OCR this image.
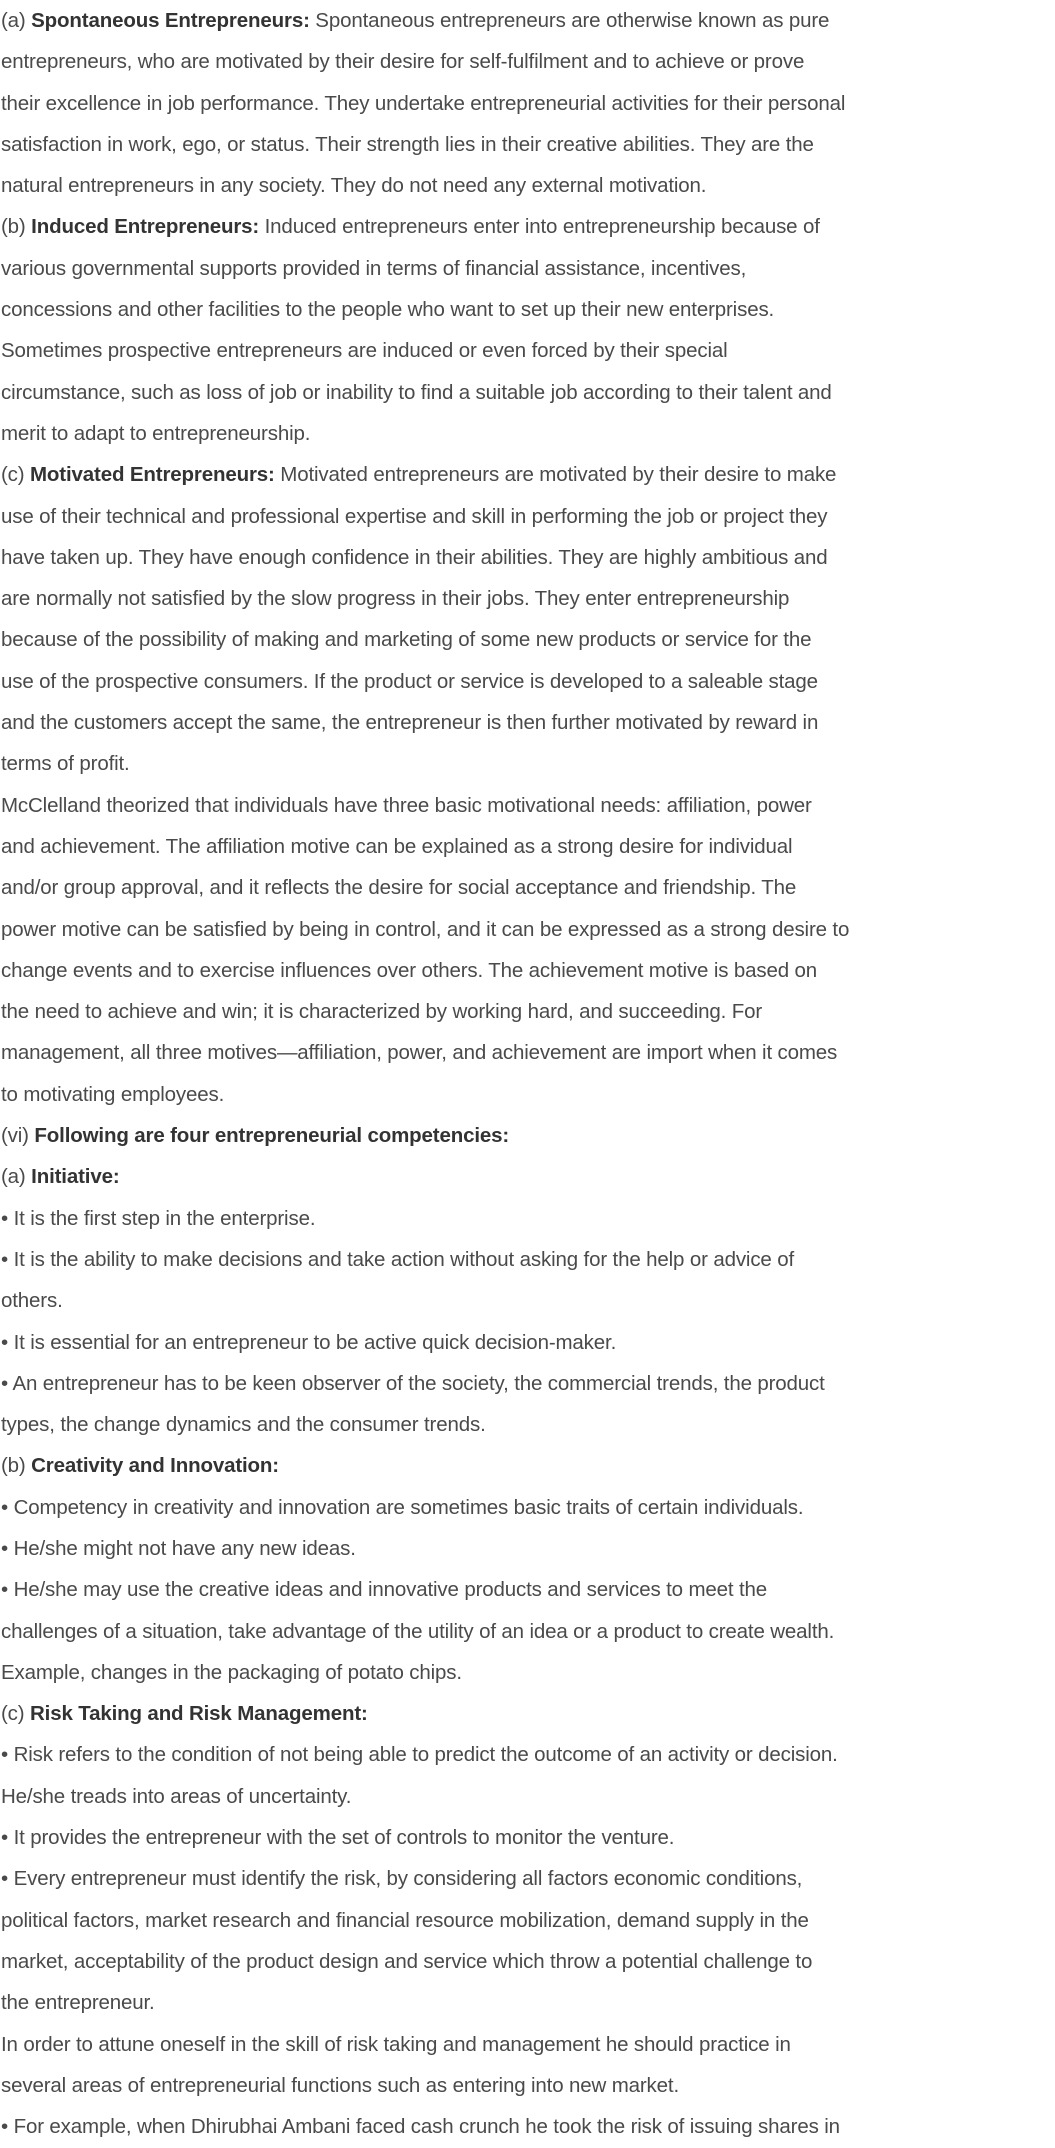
(a) Spontaneous Entrepreneurs: Spontaneous entrepreneurs are otherwise known as pure
entrepreneurs, who are motivated by their desire for self-fulfilment and to achieve or prove
their excellence in job performance. They undertake entrepreneurial activities for their personal
satisfaction in work, ego, or status. Their strength lies in their creative abilities. They are the
natural entrepreneurs in any society. They do not need any external motivation.
(b) Induced Entrepreneurs: Induced entrepreneurs enter into entrepreneurship because of
various governmental supports provided in terms of financial assistance, incentives,
concessions and other facilities to the people who want to set up their new enterprises.
Sometimes prospective entrepreneurs are induced or even forced by their special
circumstance, such as loss of job or inability to find a suitable job according to their talent and
merit to adapt to entrepreneurship.
(c) Motivated Entrepreneurs: Motivated entrepreneurs are motivated by their desire to make
use of their technical and professional expertise and skill in performing the job or project they
have taken up. They have enough confidence in their abilities. They are highly ambitious and
are normally not satisfied by the slow progress in their jobs. They enter entrepreneurship
because of the possibility of making and marketing of some new products or service for the
use of the prospective consumers. If the product or service is developed to a saleable stage
and the customers accept the same, the entrepreneur is then further motivated by reward in
terms of profit.
McClelland theorized that individuals have three basic motivational needs: affiliation, power
and achievement. The affiliation motive can be explained as a strong desire for individual
and/or group approval, and it reflects the desire for social acceptance and friendship. The
power motive can be satisfied by being in control, and it can be expressed as a strong desire to
change events and to exercise influences over others. The achievement motive is based on
the need to achieve and win; it is characterized by working hard, and succeeding. For
management, all three motives—affiliation, power, and achievement are import when it comes
to motivating employees.
(vi) Following are four entrepreneurial competencies:
(a) Initiative:
• It is the first step in the enterprise.
• It is the ability to make decisions and take action without asking for the help or advice of
others.
• It is essential for an entrepreneur to be active quick decision-maker.
• An entrepreneur has to be keen observer of the society, the commercial trends, the product
types, the change dynamics and the consumer trends.
(b) Creativity and Innovation:
• Competency in creativity and innovation are sometimes basic traits of certain individuals.
• He/she might not have any new ideas.
• He/she may use the creative ideas and innovative products and services to meet the
challenges of a situation, take advantage of the utility of an idea or a product to create wealth.
Example, changes in the packaging of potato chips.
(c) Risk Taking and Risk Management:
• Risk refers to the condition of not being able to predict the outcome of an activity or decision.
He/she treads into areas of uncertainty.
• It provides the entrepreneur with the set of controls to monitor the venture.
• Every entrepreneur must identify the risk, by considering all factors economic conditions,
political factors, market research and financial resource mobilization, demand supply in the
market, acceptability of the product design and service which throw a potential challenge to
the entrepreneur.
In order to attune oneself in the skill of risk taking and management he should practice in
several areas of entrepreneurial functions such as entering into new market.
• For example, when Dhirubhai Ambani faced cash crunch he took the risk of issuing shares in
